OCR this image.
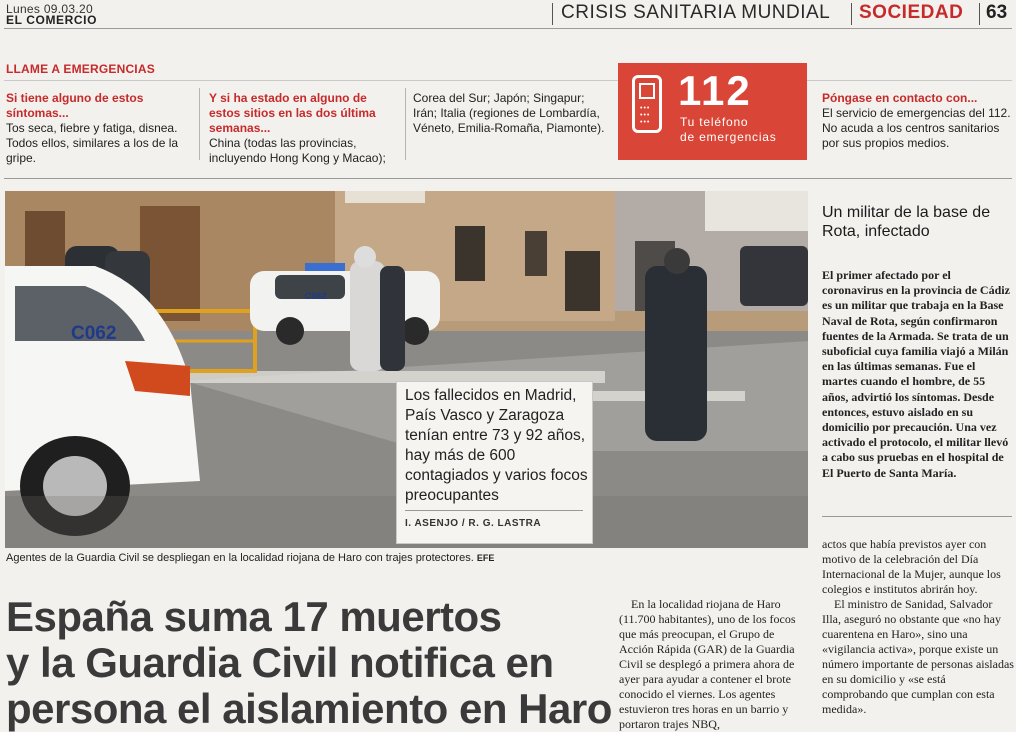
Lunes 09.03.20
EL COMERCIO	CRISIS SANITARIA MUNDIAL SOCIEDAD 63
LLAME A EMERGENCIAS
Si tiene alguno de estos síntomas...
Tos seca, fiebre y fatiga, disnea. Todos ellos, similares a los de la gripe.
Y si ha estado en alguno de estos sitios en las dos última semanas...
China (todas las provincias, incluyendo Hong Kong y Macao);
Corea del Sur; Japón; Singapur; Irán; Italia (regiones de Lombardía, Véneto, Emilia-Romaña, Piamonte).
•••
•••
•••
112
Tu teléfono
de emergencias
Póngase en contacto con...
El servicio de emergencias del 112. No acuda a los centros sanitarios por sus propios medios.
C062
C062
Los fallecidos en Madrid, País Vasco y Zaragoza tenían entre 73 y 92 años, hay más de 600 contagiados y varios focos preocupantes
I. ASENJO / R. G. LASTRA
Agentes de la Guardia Civil se despliegan en la localidad riojana de Haro con trajes protectores. EFE
Un militar de la base de Rota, infectado
El primer afectado por el coronavirus en la provincia de Cádiz es un militar que trabaja en la Base Naval de Rota, según confirmaron fuentes de la Armada. Se trata de un suboficial cuya familia viajó a Milán en las últimas semanas. Fue el martes cuando el hombre, de 55 años, advirtió los síntomas. Desde entonces, estuvo aislado en su domicilio por precaución. Una vez activado el protocolo, el militar llevó a cabo sus pruebas en el hospital de El Puerto de Santa María.
actos que había previstos ayer con motivo de la celebración del Día Internacional de la Mujer, aunque los colegios e institutos abrirán hoy.
El ministro de Sanidad, Salvador Illa, aseguró no obstante que «no hay cuarentena en Haro», sino una «vigilancia activa», porque existe un número importante de personas aisladas en su domicilio y «se está comprobando que cumplan con esta medida».
España suma 17 muertos
y la Guardia Civil notifica en
persona el aislamiento en Haro
En la localidad riojana de Haro (11.700 habitantes), uno de los focos que más preocupan, el Grupo de Acción Rápida (GAR) de la Guardia Civil se desplegó a primera ahora de ayer para ayudar a contener el brote conocido el viernes. Los agentes estuvieron tres horas en un barrio y portaron trajes NBQ,
